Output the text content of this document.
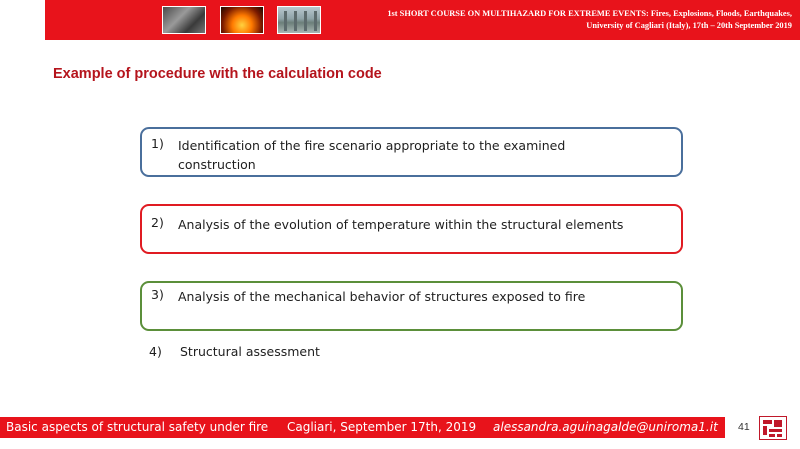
1st SHORT COURSE ON MULTIHAZARD FOR EXTREME EVENTS: Fires, Explosions, Floods, Earthquakes,
University of Cagliari (Italy), 17th – 20th September 2019
Example of procedure with the calculation code
1) Identification of the fire scenario appropriate to the examined construction
2) Analysis of the evolution of temperature within the structural elements
3) Analysis of the mechanical behavior of structures exposed to fire
4) Structural assessment
Basic aspects of structural safety under fire Cagliari, September 17th, 2019 alessandra.aguinagalde@uniroma1.it 41
